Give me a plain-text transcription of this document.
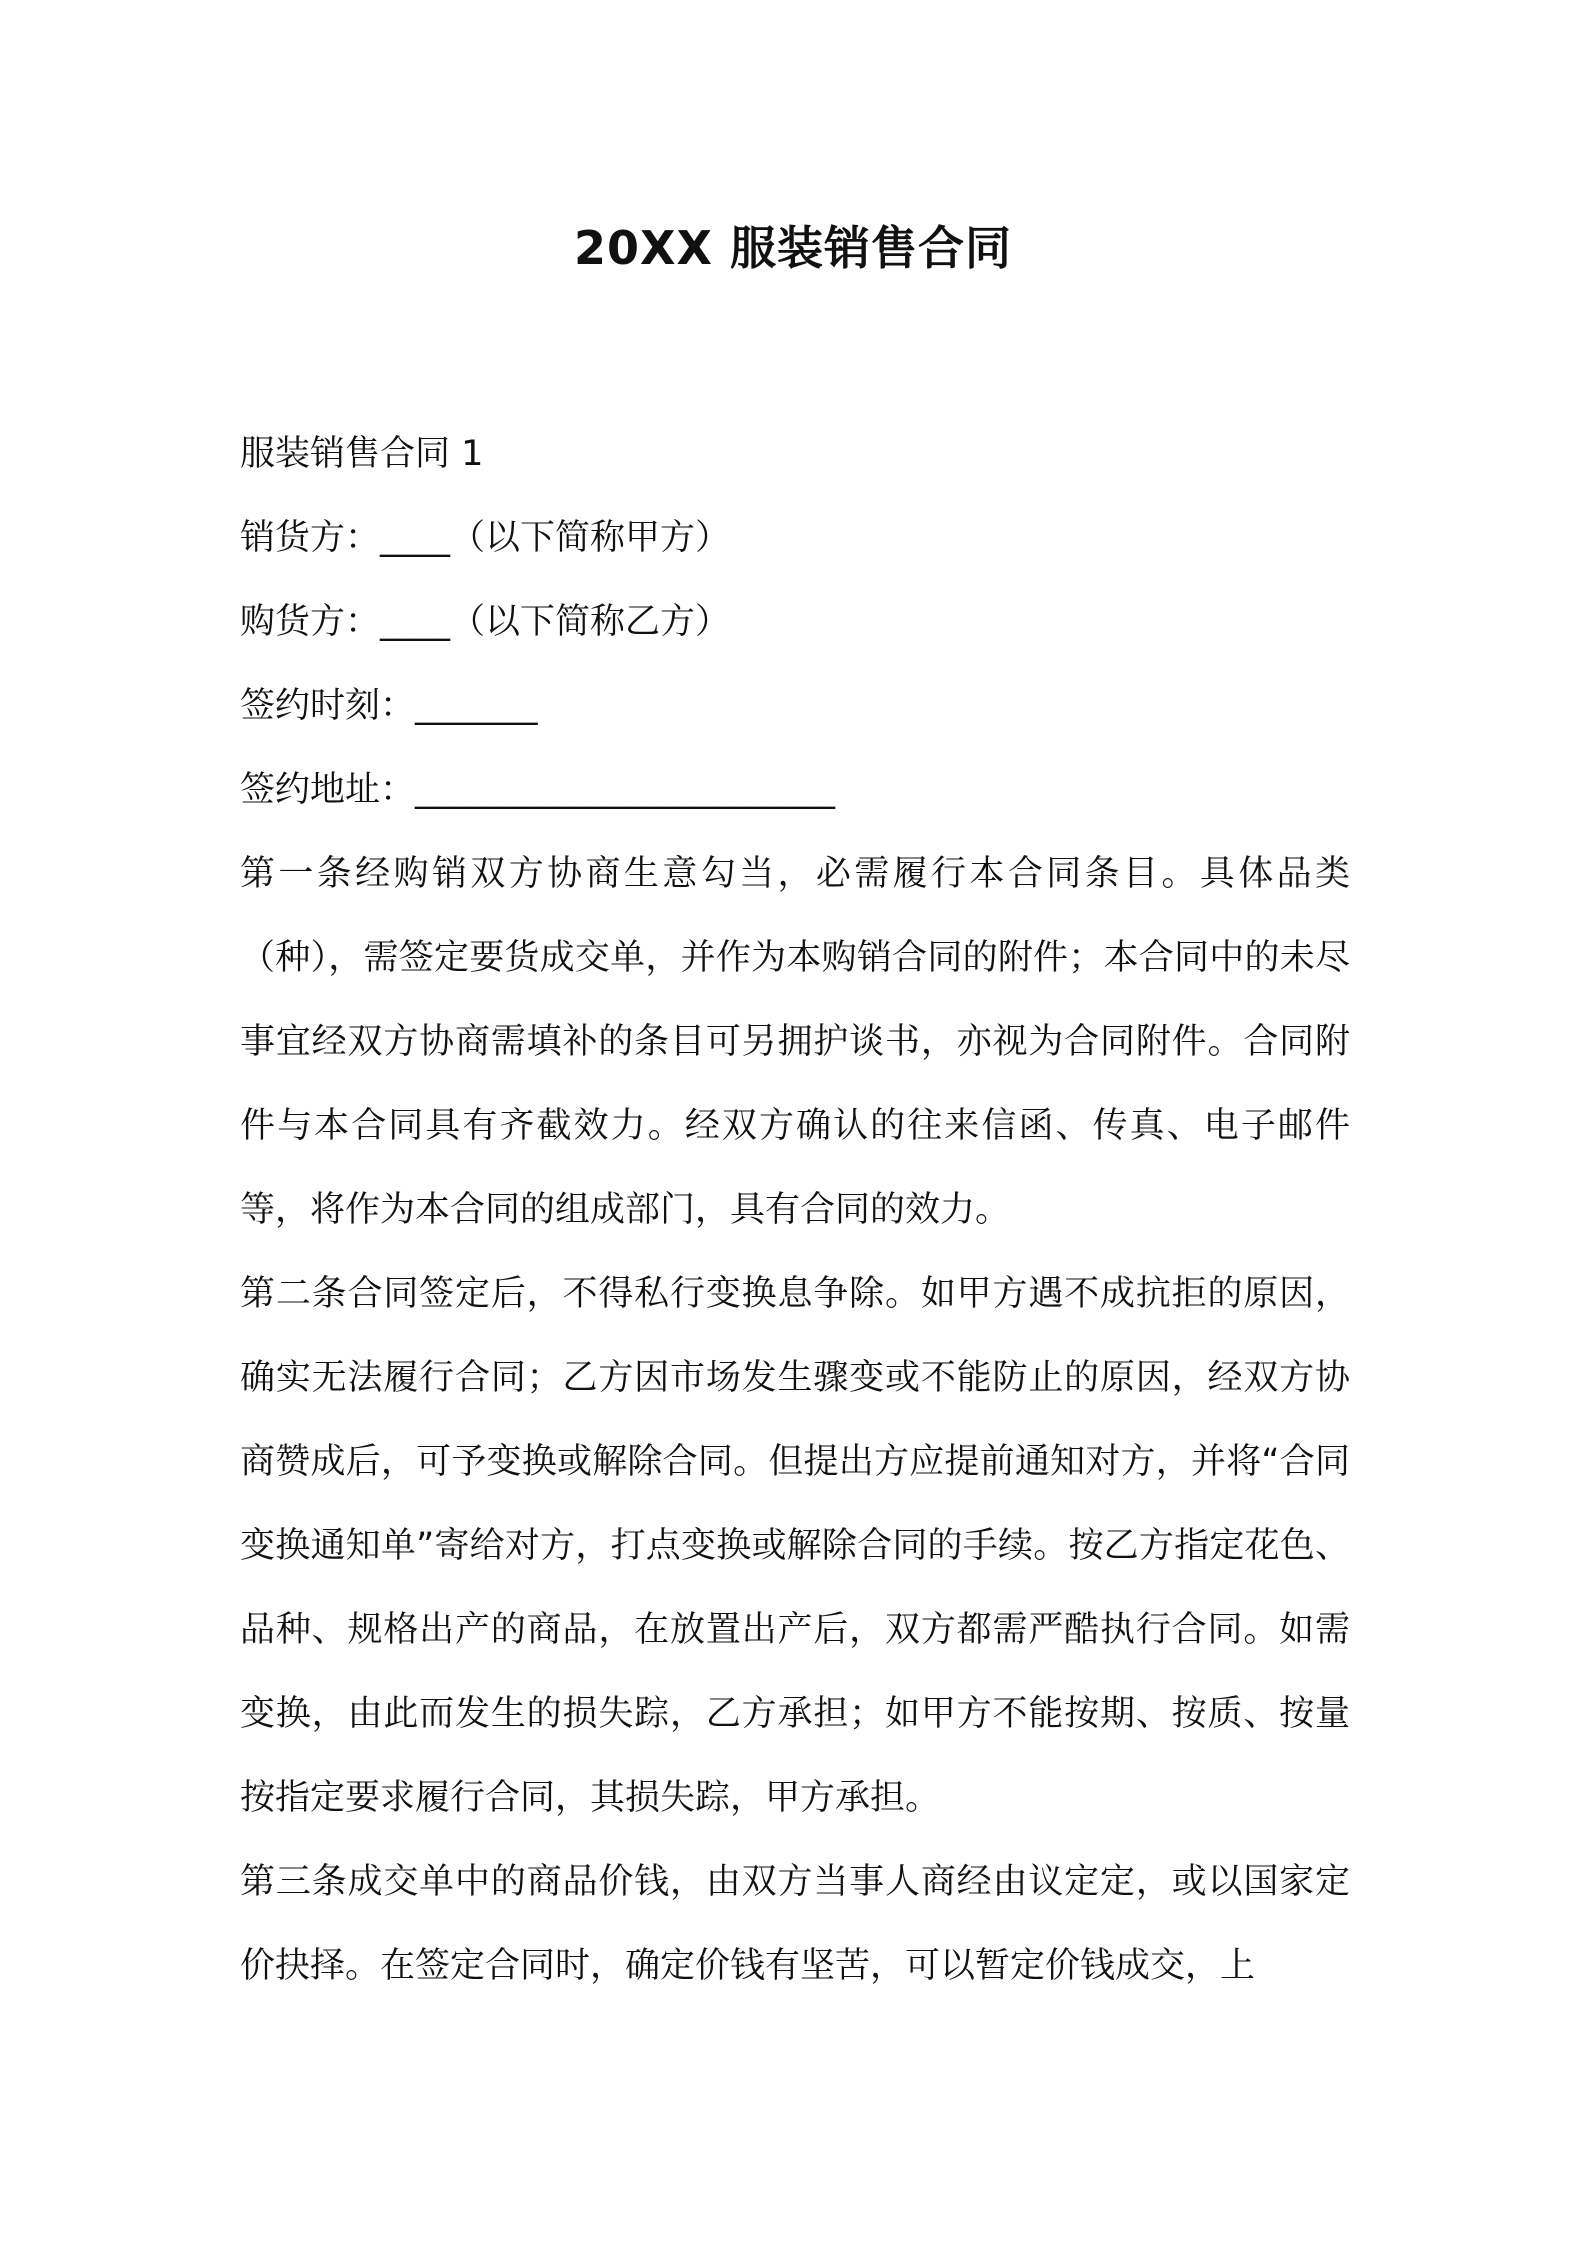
20XX 服装销售合同

服装销售合同 1

销货方：____（以下简称甲方）

购货方：____（以下简称乙方）

签约时刻：_______

签约地址：________________________

第一条经购销双方协商生意勾当，必需履行本合同条目。具体品类（种），需签定要货成交单，并作为本购销合同的附件；本合同中的未尽事宜经双方协商需填补的条目可另拥护谈书，亦视为合同附件。合同附件与本合同具有齐截效力。经双方确认的往来信函、传真、电子邮件等，将作为本合同的组成部门，具有合同的效力。

第二条合同签定后，不得私行变换息争除。如甲方遇不成抗拒的原因，确实无法履行合同；乙方因市场发生骤变或不能防止的原因，经双方协商赞成后，可予变换或解除合同。但提出方应提前通知对方，并将“合同变换通知单”寄给对方，打点变换或解除合同的手续。按乙方指定花色、品种、规格出产的商品，在放置出产后，双方都需严酷执行合同。如需变换，由此而发生的损失踪，乙方承担；如甲方不能按期、按质、按量按指定要求履行合同，其损失踪，甲方承担。

第三条成交单中的商品价钱，由双方当事人商经由议定定，或以国家定价抉择。在签定合同时，确定价钱有坚苦，可以暂定价钱成交，上
